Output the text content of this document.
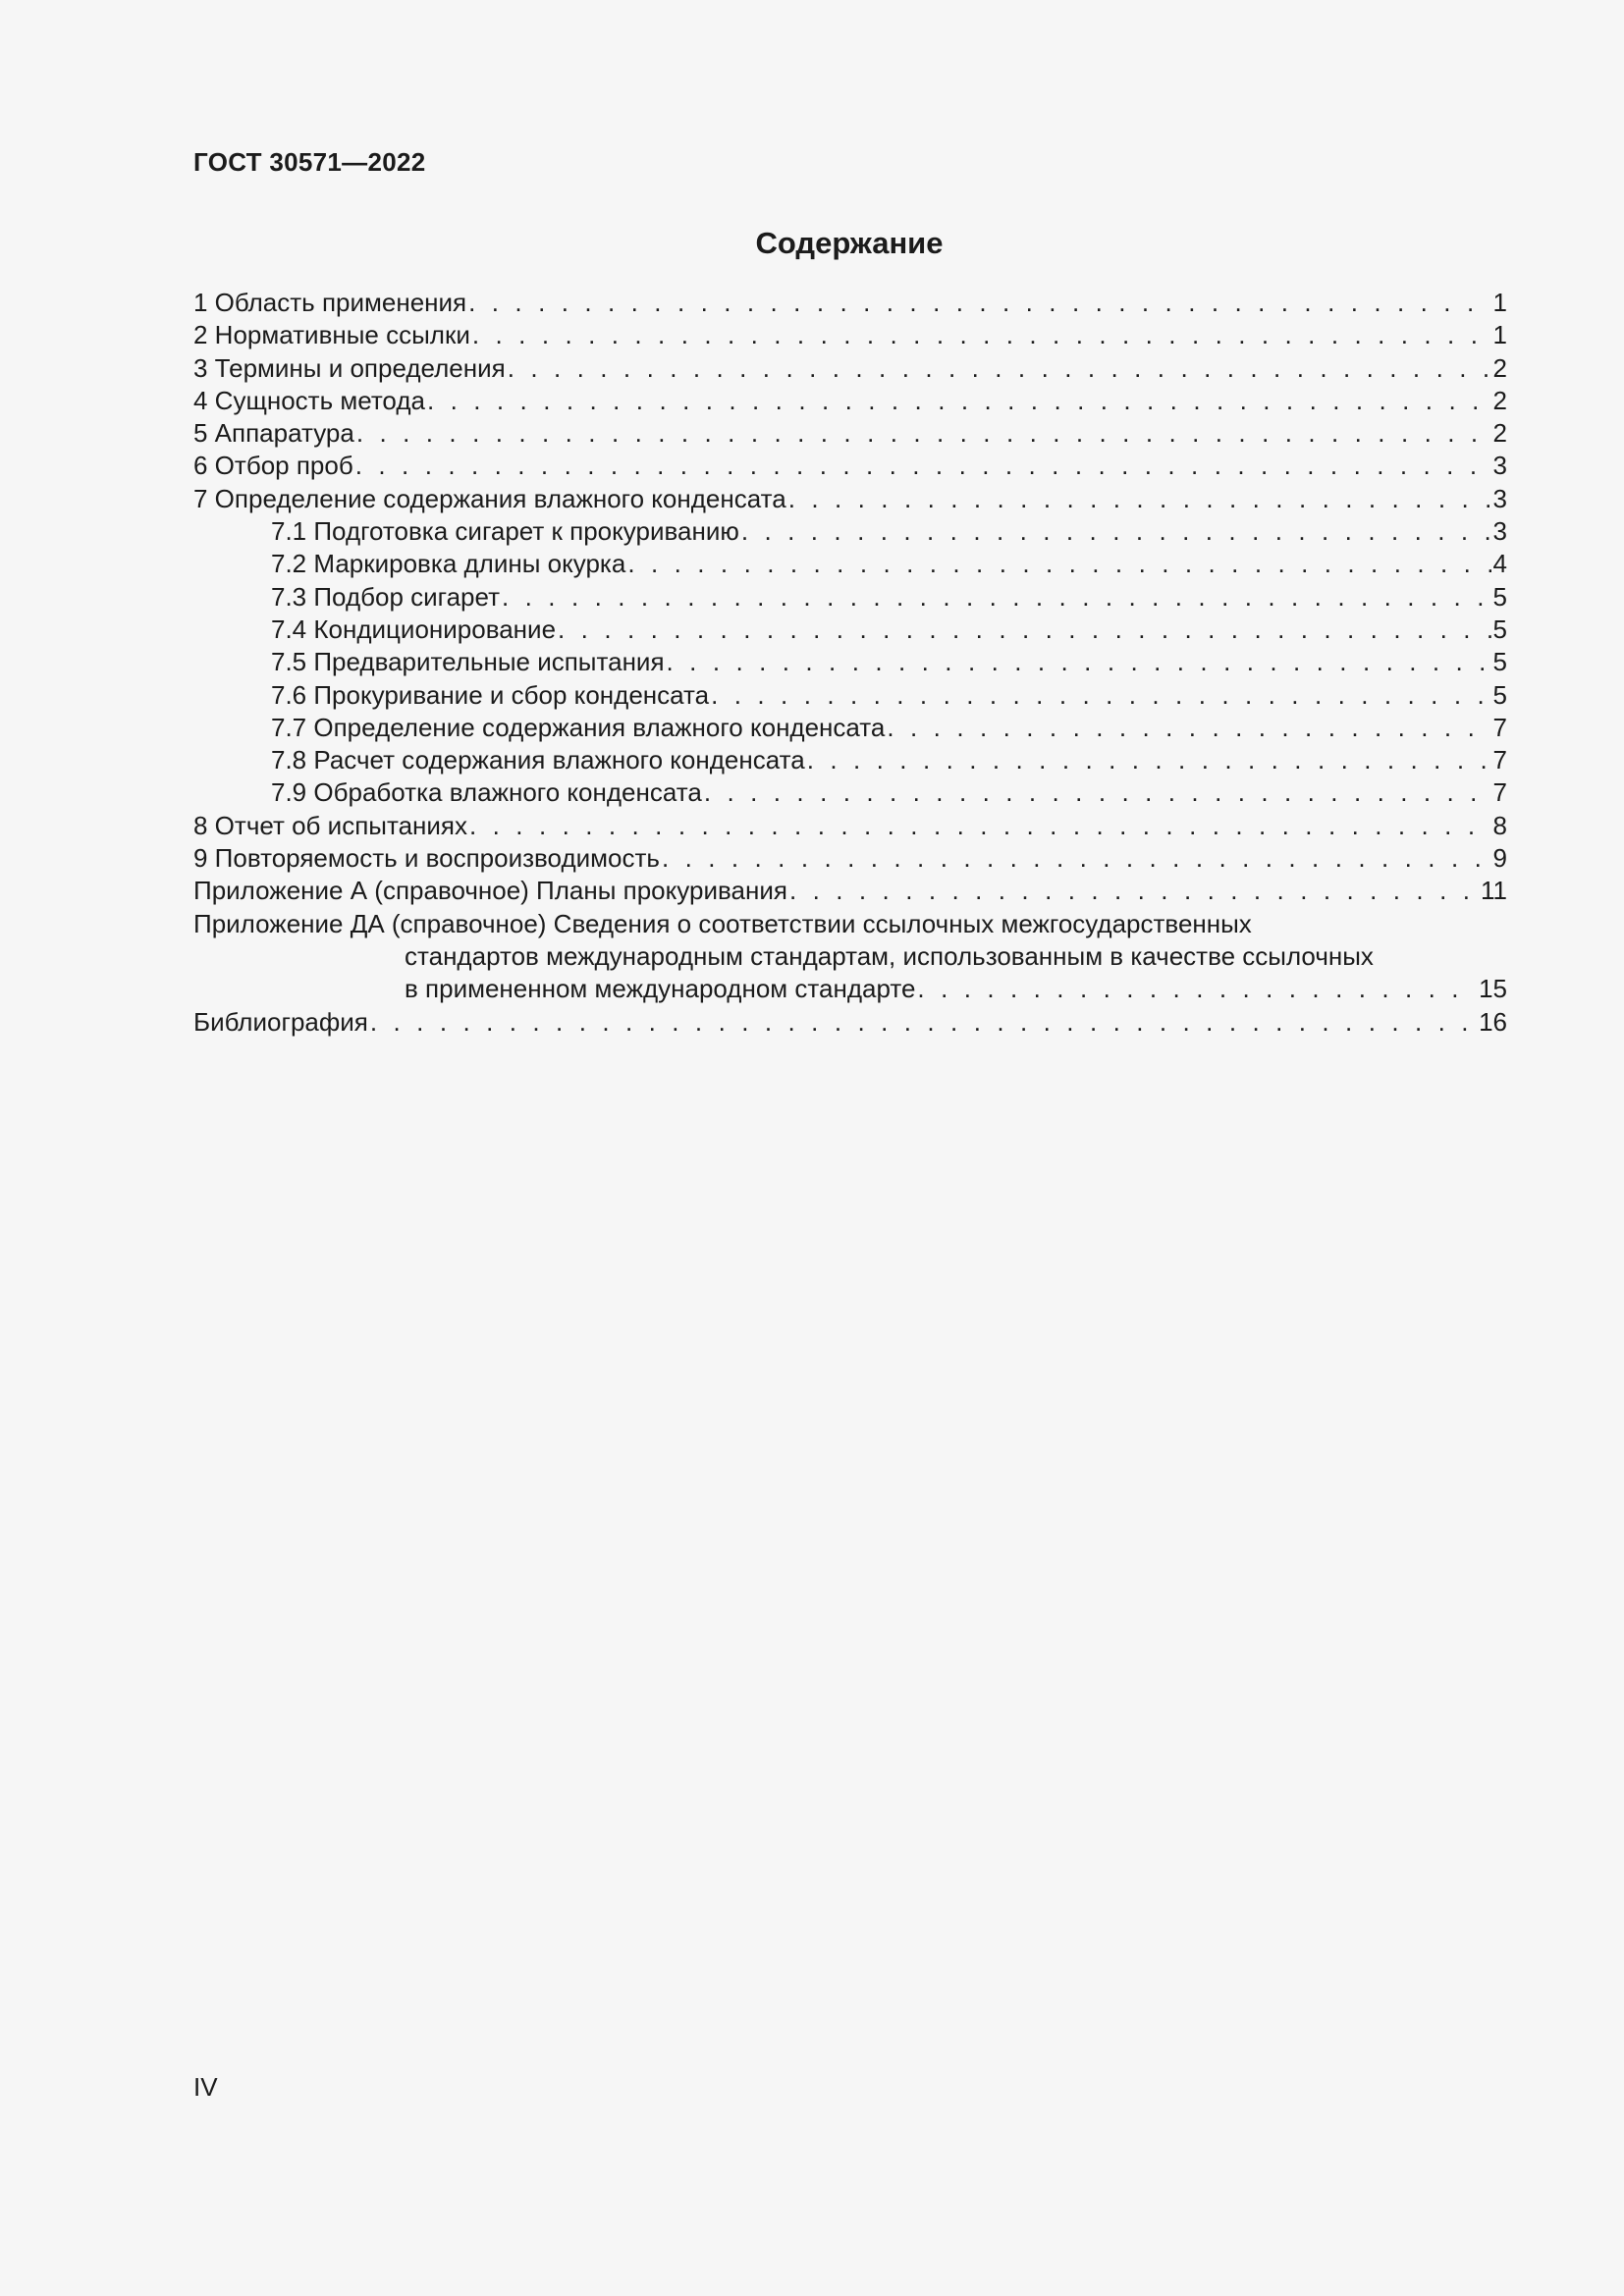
ГОСТ 30571—2022
Содержание
1 Область применения . . .	1
2 Нормативные ссылки . . .	1
3 Термины и определения . . .	2
4 Сущность метода . . .	2
5 Аппаратура . . .	2
6 Отбор проб . . .	3
7 Определение содержания влажного конденсата . . .	3
7.1 Подготовка сигарет к прокуриванию . . .	3
7.2 Маркировка длины окурка . . .	4
7.3 Подбор сигарет . . .	5
7.4 Кондиционирование . . .	5
7.5 Предварительные испытания . . .	5
7.6 Прокуривание и сбор конденсата . . .	5
7.7 Определение содержания влажного конденсата . . .	7
7.8 Расчет содержания влажного конденсата . . .	7
7.9 Обработка влажного конденсата . . .	7
8 Отчет об испытаниях . . .	8
9 Повторяемость и воспроизводимость . . .	9
Приложение А (справочное) Планы прокуривания . . .	11
Приложение ДА (справочное) Сведения о соответствии ссылочных межгосударственных
стандартов международным стандартам, использованным в качестве ссылочных
в примененном международном стандарте . . .	15
Библиография . . .	16
IV
